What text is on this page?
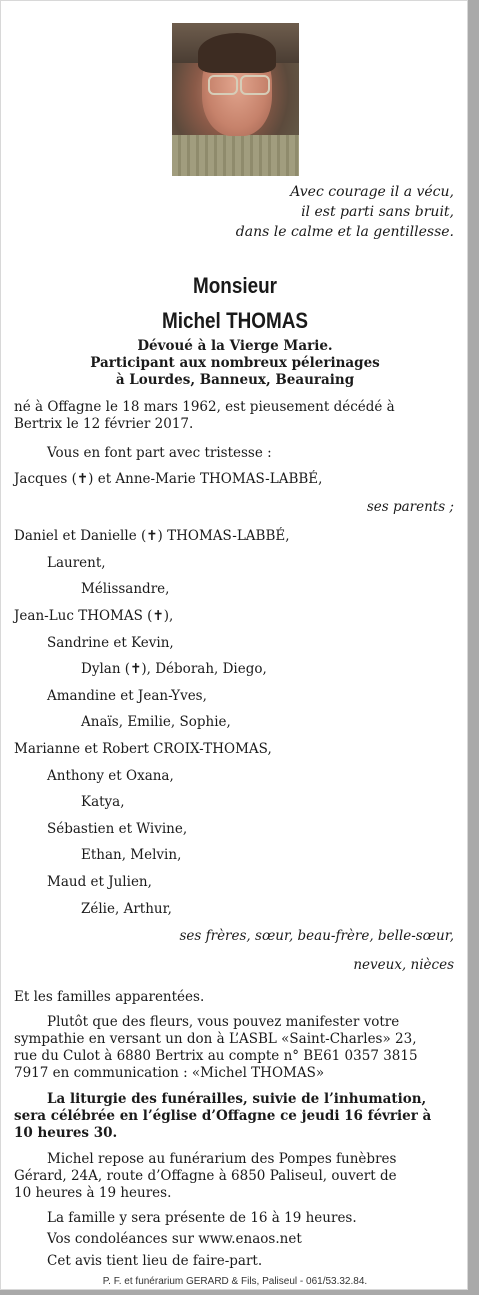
Avec courage il a vécu,
il est parti sans bruit,
dans le calme et la gentillesse.
Monsieur
Michel THOMAS
Dévoué à la Vierge Marie.
Participant aux nombreux pélerinages
à Lourdes, Banneux, Beauraing
né à Offagne le 18 mars 1962, est pieusement décédé à
Bertrix le 12 février 2017.
Vous en font part avec tristesse :
Jacques (✝) et Anne-Marie THOMAS-LABBÉ,
ses parents ;
Daniel et Danielle (✝) THOMAS-LABBÉ,
Laurent,
Mélissandre,
Jean-Luc THOMAS (✝),
Sandrine et Kevin,
Dylan (✝), Déborah, Diego,
Amandine et Jean-Yves,
Anaïs, Emilie, Sophie,
Marianne et Robert CROIX-THOMAS,
Anthony et Oxana,
Katya,
Sébastien et Wivine,
Ethan, Melvin,
Maud et Julien,
Zélie, Arthur,
ses frères, sœur, beau-frère, belle-sœur,
neveux, nièces
Et les familles apparentées.
Plutôt que des fleurs, vous pouvez manifester votre
sympathie en versant un don à L’ASBL «Saint-Charles» 23,
rue du Culot à 6880 Bertrix au compte n° BE61 0357 3815
7917 en communication : «Michel THOMAS»
La liturgie des funérailles, suivie de l’inhumation,
sera célébrée en l’église d’Offagne ce jeudi 16 février à
10 heures 30.
Michel repose au funérarium des Pompes funèbres
Gérard, 24A, route d’Offagne à 6850 Paliseul, ouvert de
10 heures à 19 heures.
La famille y sera présente de 16 à 19 heures.
Vos condoléances sur www.enaos.net
Cet avis tient lieu de faire-part.
P. F. et funérarium GERARD & Fils, Paliseul - 061/53.32.84.
